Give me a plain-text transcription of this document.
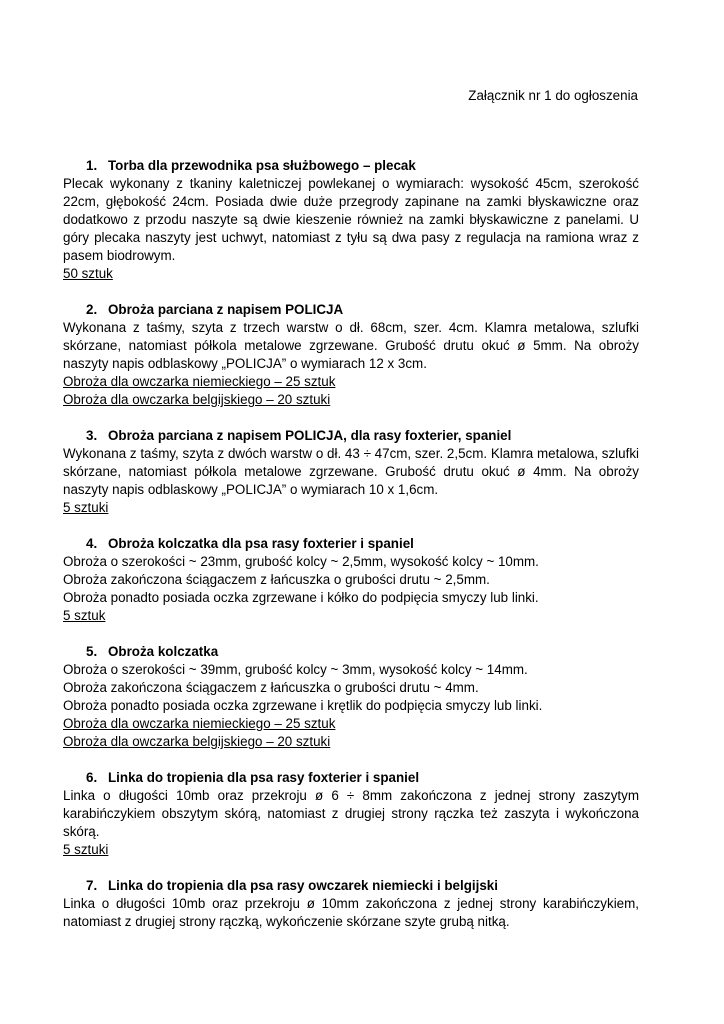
Załącznik nr 1 do ogłoszenia
1. Torba dla przewodnika psa służbowego – plecak
Plecak wykonany z tkaniny kaletniczej powlekanej o wymiarach: wysokość 45cm, szerokość 22cm, głębokość 24cm. Posiada dwie duże przegrody zapinane na zamki błyskawiczne oraz dodatkowo z przodu naszyte są dwie kieszenie również na zamki błyskawiczne z panelami. U góry plecaka naszyty jest uchwyt, natomiast z tyłu są dwa pasy z regulacja na ramiona wraz z pasem biodrowym.
50 sztuk
2. Obroża parciana z napisem POLICJA
Wykonana z taśmy, szyta z trzech warstw o dł. 68cm, szer. 4cm. Klamra metalowa, szlufki skórzane, natomiast półkola metalowe zgrzewane. Grubość drutu okuć ø 5mm. Na obroży naszyty napis odblaskowy „POLICJA” o wymiarach 12 x 3cm.
Obroża dla owczarka niemieckiego – 25 sztuk
Obroża dla owczarka belgijskiego – 20 sztuki
3. Obroża parciana z napisem POLICJA, dla rasy foxterier, spaniel
Wykonana z taśmy, szyta z dwóch warstw o dł. 43 ÷ 47cm, szer. 2,5cm. Klamra metalowa, szlufki skórzane, natomiast półkola metalowe zgrzewane. Grubość drutu okuć ø 4mm. Na obroży naszyty napis odblaskowy „POLICJA” o wymiarach 10 x 1,6cm.
5 sztuki
4. Obroża kolczatka dla psa rasy foxterier i spaniel
Obroża o szerokości ~ 23mm, grubość kolcy ~ 2,5mm, wysokość kolcy ~ 10mm.
Obroża zakończona ściągaczem z łańcuszka o grubości drutu ~ 2,5mm.
Obroża ponadto posiada oczka zgrzewane i kółko do podpięcia smyczy lub linki.
5 sztuk
5. Obroża kolczatka
Obroża o szerokości ~ 39mm, grubość kolcy ~ 3mm, wysokość kolcy ~ 14mm.
Obroża zakończona ściągaczem z łańcuszka o grubości drutu ~ 4mm.
Obroża ponadto posiada oczka zgrzewane i krętlik do podpięcia smyczy lub linki.
Obroża dla owczarka niemieckiego – 25 sztuk
Obroża dla owczarka belgijskiego – 20 sztuki
6. Linka do tropienia dla psa rasy foxterier i spaniel
Linka o długości 10mb oraz przekroju ø 6 ÷ 8mm zakończona z jednej strony zaszytym karabińczykiem obszytym skórą, natomiast z drugiej strony rączka też zaszyta i wykończona skórą.
5 sztuki
7. Linka do tropienia dla psa rasy owczarek niemiecki i belgijski
Linka o długości 10mb oraz przekroju ø 10mm zakończona z jednej strony karabińczykiem, natomiast z drugiej strony rączką, wykończenie skórzane szyte grubą nitką.
